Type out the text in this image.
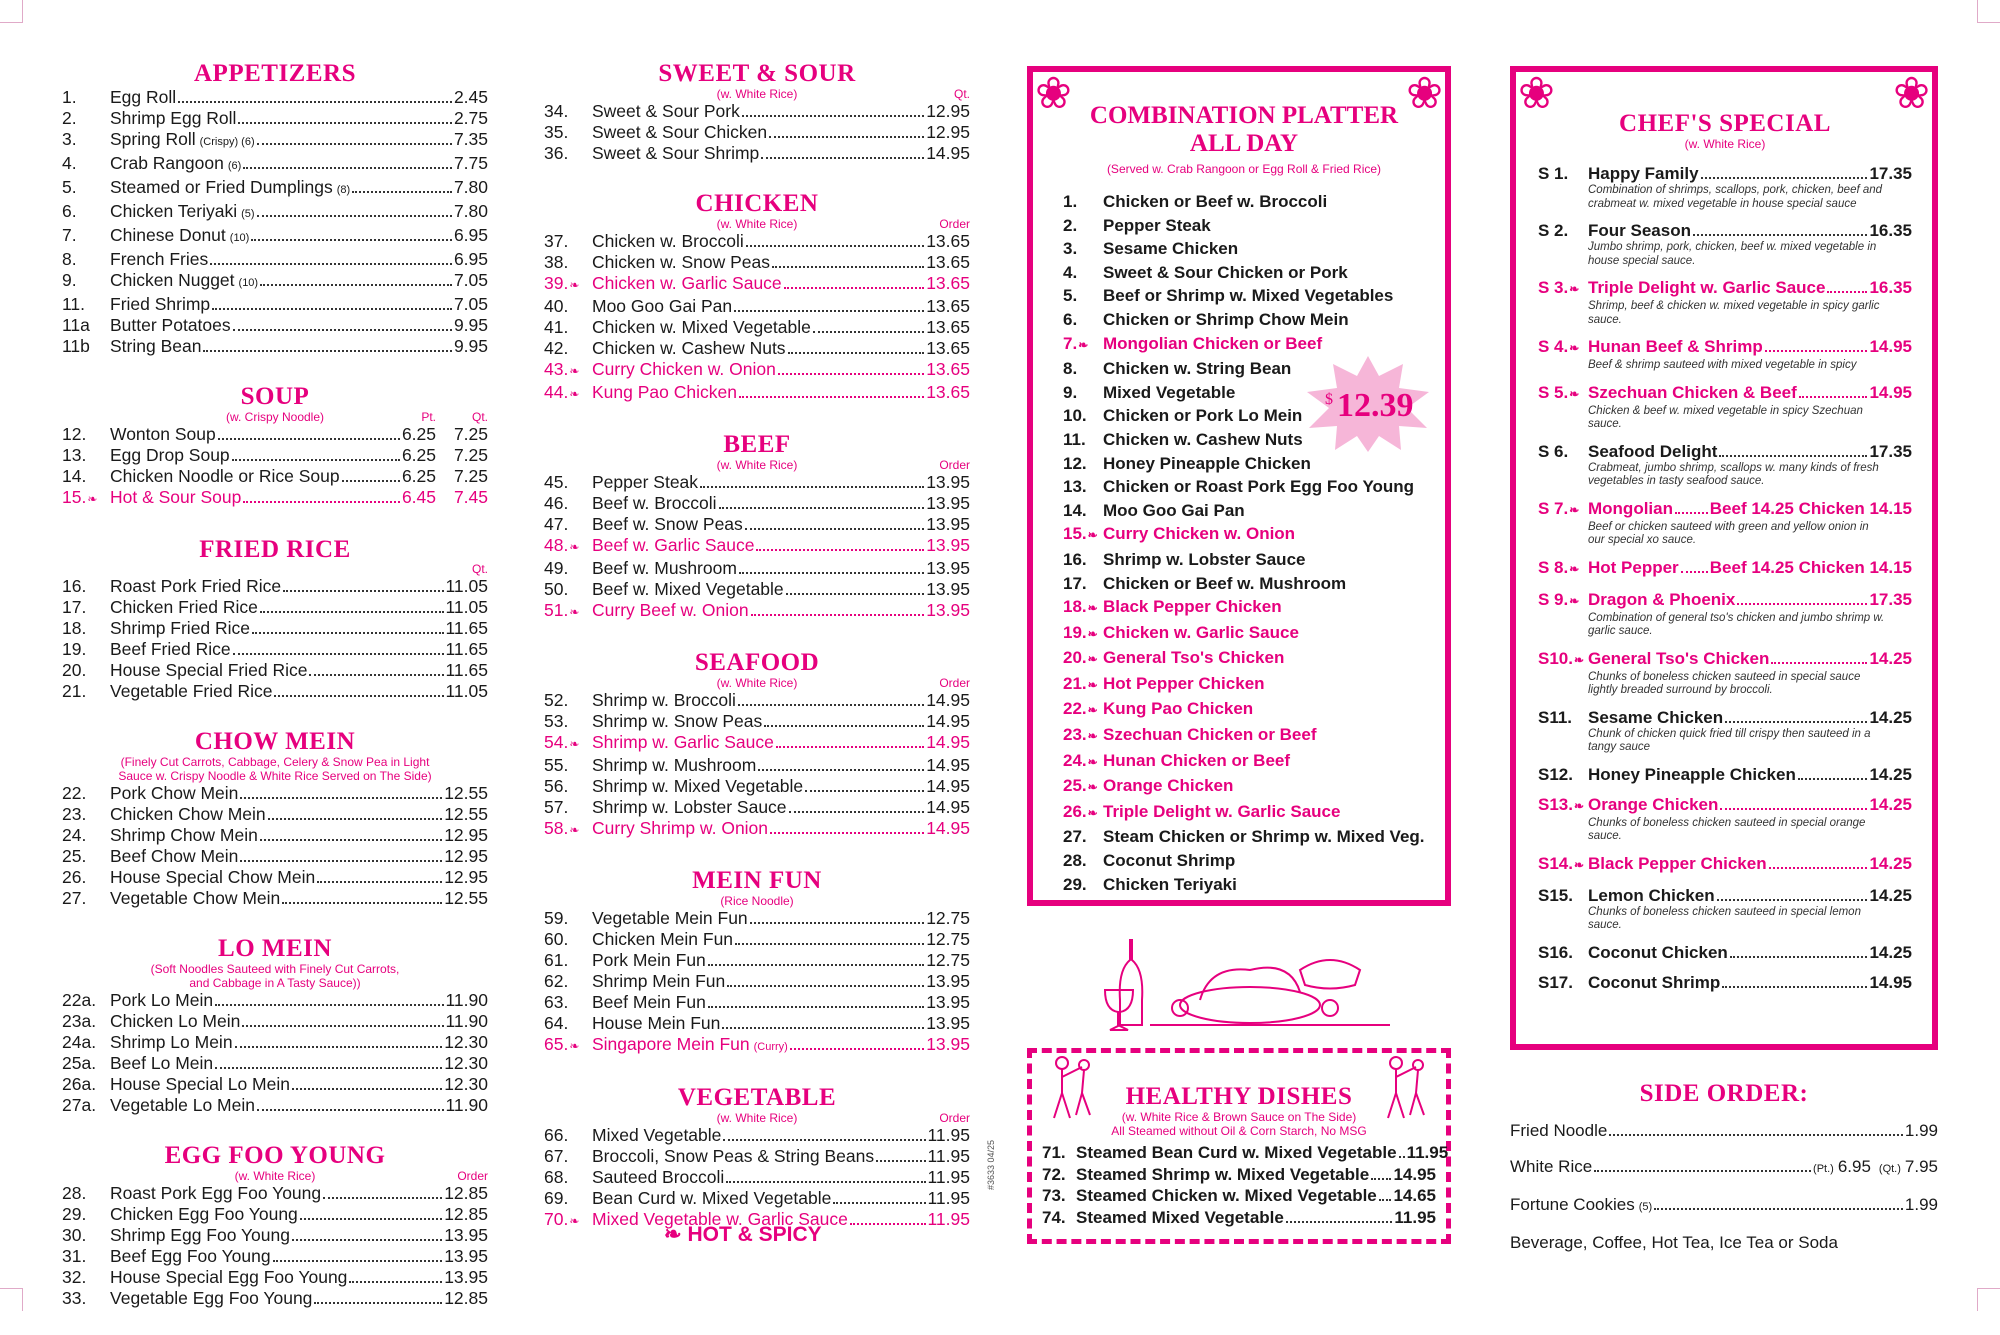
APPETIZERS
1.	Egg Roll	2.45
2.	Shrimp Egg Roll	2.75
3.	Spring Roll (Crispy) (6)	7.35
4.	Crab Rangoon (6)	7.75
5.	Steamed or Fried Dumplings (8)	7.80
6.	Chicken Teriyaki (5)	7.80
7.	Chinese Donut (10)	6.95
8.	French Fries	6.95
9.	Chicken Nugget (10)	7.05
11.	Fried Shrimp	7.05
11a	Butter Potatoes	9.95
11b	String Bean	9.95
SOUP
(w. Crispy Noodle)	Pt.	Qt.
12.	Wonton Soup	6.25	7.25
13.	Egg Drop Soup	6.25	7.25
14.	Chicken Noodle or Rice Soup	6.25	7.25
15.❧ Hot & Sour Soup	6.45	7.45
FRIED RICE
Qt.
16.	Roast Pork Fried Rice	11.05
17.	Chicken Fried Rice	11.05
18.	Shrimp Fried Rice	11.65
19.	Beef Fried Rice	11.65
20.	House Special Fried Rice	11.65
21.	Vegetable Fried Rice	11.05
CHOW MEIN
(Finely Cut Carrots, Cabbage, Celery & Snow Pea in Light
Sauce w. Crispy Noodle & White Rice Served on The Side)
22.	Pork Chow Mein	12.55
23.	Chicken Chow Mein	12.55
24.	Shrimp Chow Mein	12.95
25.	Beef Chow Mein	12.95
26.	House Special Chow Mein	12.95
27.	Vegetable Chow Mein	12.55
LO MEIN
(Soft Noodles Sauteed with Finely Cut Carrots,
and Cabbage in A Tasty Sauce))
22a. Pork Lo Mein	11.90
23a. Chicken Lo Mein	11.90
24a. Shrimp Lo Mein	12.30
25a. Beef Lo Mein	12.30
26a. House Special Lo Mein	12.30
27a. Vegetable Lo Mein	11.90
EGG FOO YOUNG
(w. White Rice)	Order
28.	Roast Pork Egg Foo Young	12.85
29.	Chicken Egg Foo Young	12.85
30.	Shrimp Egg Foo Young	13.95
31.	Beef Egg Foo Young	13.95
32.	House Special Egg Foo Young	13.95
33.	Vegetable Egg Foo Young	12.85
SWEET & SOUR
(w. White Rice)	Qt.
34.	Sweet & Sour Pork	12.95
35.	Sweet & Sour Chicken	12.95
36.	Sweet & Sour Shrimp	14.95
CHICKEN
(w. White Rice)	Order
37.	Chicken w. Broccoli	13.65
38.	Chicken w. Snow Peas	13.65
39.❧ Chicken w. Garlic Sauce	13.65
40.	Moo Goo Gai Pan	13.65
41.	Chicken w. Mixed Vegetable	13.65
42.	Chicken w. Cashew Nuts	13.65
43.❧ Curry Chicken w. Onion	13.65
44.❧ Kung Pao Chicken	13.65
BEEF
(w. White Rice)	Order
45.	Pepper Steak	13.95
46.	Beef w. Broccoli	13.95
47.	Beef w. Snow Peas	13.95
48.❧ Beef w. Garlic Sauce	13.95
49.	Beef w. Mushroom	13.95
50.	Beef w. Mixed Vegetable	13.95
51.❧ Curry Beef w. Onion	13.95
SEAFOOD
(w. White Rice)	Order
52.	Shrimp w. Broccoli	14.95
53.	Shrimp w. Snow Peas	14.95
54.❧ Shrimp w. Garlic Sauce	14.95
55.	Shrimp w. Mushroom	14.95
56.	Shrimp w. Mixed Vegetable	14.95
57.	Shrimp w. Lobster Sauce	14.95
58.❧ Curry Shrimp w. Onion	14.95
MEIN FUN
(Rice Noodle)
59.	Vegetable Mein Fun	12.75
60.	Chicken Mein Fun	12.75
61.	Pork Mein Fun	12.75
62.	Shrimp Mein Fun	13.95
63.	Beef Mein Fun	13.95
64.	House Mein Fun	13.95
65.❧ Singapore Mein Fun (Curry)	13.95
VEGETABLE
(w. White Rice)	Order
66.	Mixed Vegetable	11.95
67.	Broccoli, Snow Peas & String Beans	11.95
68.	Sauteed Broccoli	11.95
69.	Bean Curd w. Mixed Vegetable	11.95
70.❧ Mixed Vegetable w. Garlic Sauce	11.95
❧ HOT & SPICY
#3633 04/25
❀	❀
COMBINATION PLATTER
ALL DAY
(Served w. Crab Rangoon or Egg Roll & Fried Rice)
1.	Chicken or Beef w. Broccoli
2.	Pepper Steak
3.	Sesame Chicken
4.	Sweet & Sour Chicken or Pork
5.	Beef or Shrimp w. Mixed Vegetables
6.	Chicken or Shrimp Chow Mein
7.❧ Mongolian Chicken or Beef
8.	Chicken w. String Bean
9.	Mixed Vegetable
10. Chicken or Pork Lo Mein
11.	Chicken w. Cashew Nuts
12. Honey Pineapple Chicken
13. Chicken or Roast Pork Egg Foo Young
14. Moo Goo Gai Pan
15.❧ Curry Chicken w. Onion
16. Shrimp w. Lobster Sauce
17. Chicken or Beef w. Mushroom
18.❧ Black Pepper Chicken
19.❧ Chicken w. Garlic Sauce
20.❧ General Tso's Chicken
21.❧ Hot Pepper Chicken
22.❧ Kung Pao Chicken
23.❧ Szechuan Chicken or Beef
24.❧ Hunan Chicken or Beef
25.❧ Orange Chicken
26.❧ Triple Delight w. Garlic Sauce
27. Steam Chicken or Shrimp w. Mixed Veg.
28. Coconut Shrimp
29. Chicken Teriyaki
$ 12.39
HEALTHY DISHES
(w. White Rice & Brown Sauce on The Side)
All Steamed without Oil & Corn Starch, No MSG
71. Steamed Bean Curd w. Mixed Vegetable 11.95
72. Steamed Shrimp w. Mixed Vegetable 14.95
73. Steamed Chicken w. Mixed Vegetable 14.65
74. Steamed Mixed Vegetable	11.95
❀	❀
CHEF'S SPECIAL
(w. White Rice)
S 1.	Happy Family	17.35
Combination of shrimps, scallops, pork, chicken, beef and crabmeat w. mixed vegetable in house special sauce
S 2.	Four Season	16.35
Jumbo shrimp, pork, chicken, beef w. mixed vegetable in house special sauce.
S 3.❧ Triple Delight w. Garlic Sauce	16.35
Shrimp, beef & chicken w. mixed vegetable in spicy garlic sauce.
S 4.❧ Hunan Beef & Shrimp	14.95
Beef & shrimp sauteed with mixed vegetable in spicy
S 5.❧ Szechuan Chicken & Beef	14.95
Chicken & beef w. mixed vegetable in spicy Szechuan sauce.
S 6.	Seafood Delight	17.35
Crabmeat, jumbo shrimp, scallops w. many kinds of fresh vegetables in tasty seafood sauce.
S 7.❧ Mongolian Beef 14.25 Chicken 14.15
Beef or chicken sauteed with green and yellow onion in our special xo sauce.
S 8.❧ Hot Pepper Beef 14.25 Chicken 14.15
S 9.❧ Dragon & Phoenix	17.35
Combination of general tso's chicken and jumbo shrimp w. garlic sauce.
S10.❧ General Tso's Chicken	14.25
Chunks of boneless chicken sauteed in special sauce lightly breaded surround by broccoli.
S11. Sesame Chicken	14.25
Chunk of chicken quick fried till crispy then sauteed in a tangy sauce
S12. Honey Pineapple Chicken	14.25
S13.❧ Orange Chicken	14.25
Chunks of boneless chicken sauteed in special orange sauce.
S14.❧ Black Pepper Chicken	14.25
S15. Lemon Chicken	14.25
Chunks of boneless chicken sauteed in special lemon sauce.
S16. Coconut Chicken	14.25
S17. Coconut Shrimp	14.95
SIDE ORDER:
Fried Noodle	1.99
White Rice	(Pt.) 6.95 (Qt.) 7.95
Fortune Cookies (5)	1.99
Beverage, Coffee, Hot Tea, Ice Tea or Soda
